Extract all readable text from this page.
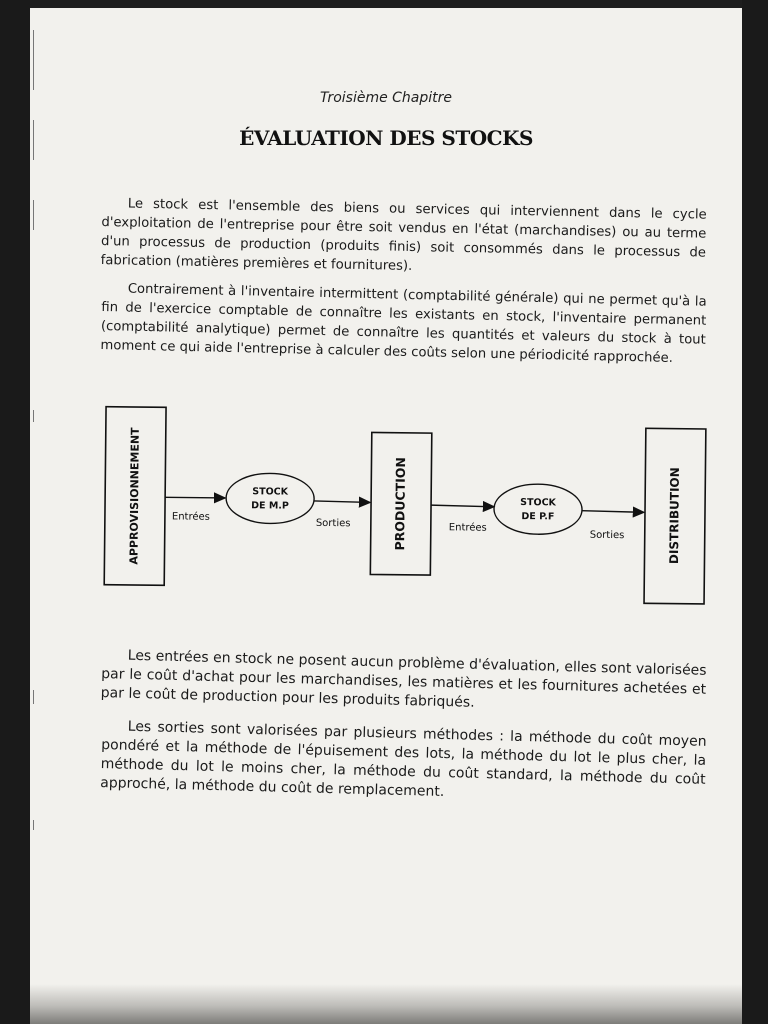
Troisième Chapitre
ÉVALUATION DES STOCKS

Le stock est l'ensemble des biens ou services qui interviennent dans le cycle d'exploitation de l'entreprise pour être soit vendus en l'état (marchandises) ou au terme d'un processus de production (produits finis) soit consommés dans le processus de fabrication (matières premières et fournitures).

Contrairement à l'inventaire intermittent (comptabilité générale) qui ne permet qu'à la fin de l'exercice comptable de connaître les existants en stock, l'inventaire permanent (comptabilité analytique) permet de connaître les quantités et valeurs du stock à tout moment ce qui aide l'entreprise à calculer des coûts selon une périodicité rapprochée.

APPROVISIONNEMENT	Entrées
STOCK
DE M.P
Sorties	PRODUCTION	Entrées
STOCK
DE P.F
Sorties	DISTRIBUTION

Les entrées en stock ne posent aucun problème d'évaluation, elles sont valorisées par le coût d'achat pour les marchandises, les matières et les fournitures achetées et par le coût de production pour les produits fabriqués.

Les sorties sont valorisées par plusieurs méthodes : la méthode du coût moyen pondéré et la méthode de l'épuisement des lots, la méthode du lot le plus cher, la méthode du lot le moins cher, la méthode du coût standard, la méthode du coût approché, la méthode du coût de remplacement.
